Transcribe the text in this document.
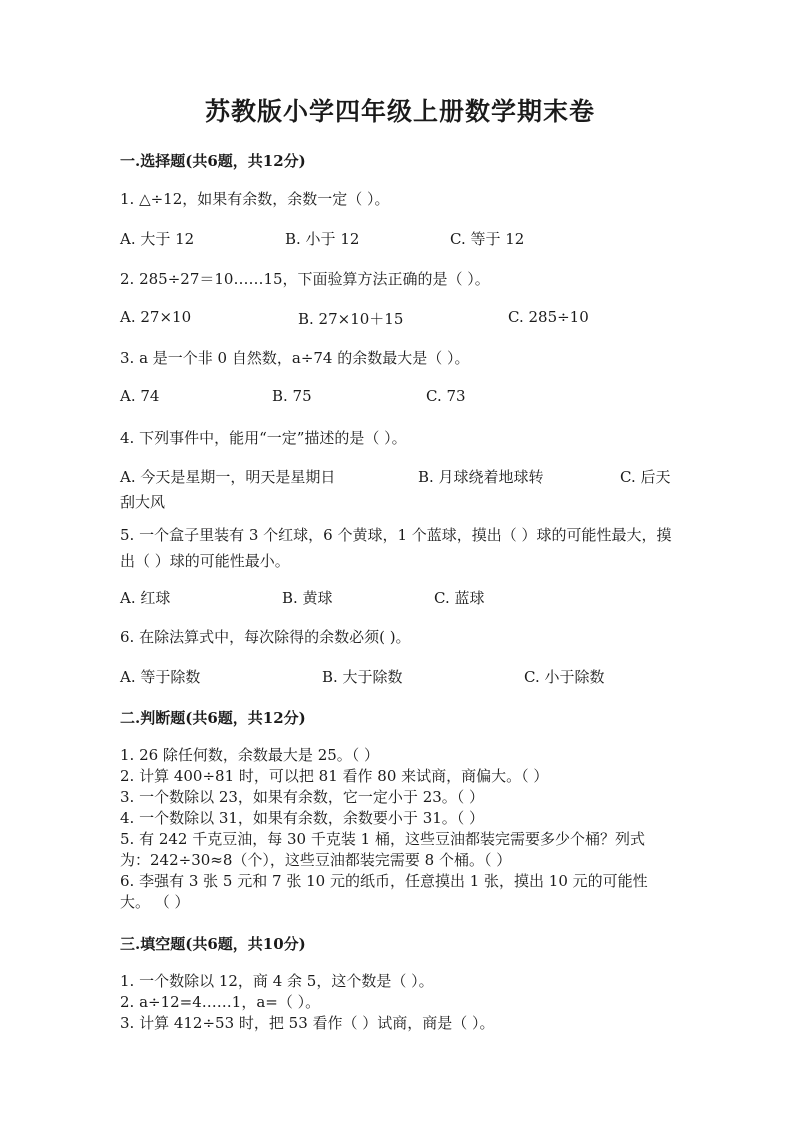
苏教版小学四年级上册数学期末卷
一.选择题(共6题，共12分)
1. △÷12，如果有余数，余数一定（ ）。
A. 大于 12	B. 小于 12	C. 等于 12
2. 285÷27＝10……15，下面验算方法正确的是（ ）。
A. 27×10	B. 27×10＋15	C. 285÷10
3. a 是一个非 0 自然数，a÷74 的余数最大是（ ）。
A. 74	B. 75	C. 73
4. 下列事件中，能用“一定”描述的是（ ）。
A. 今天是星期一，明天是星期日	B. 月球绕着地球转	C. 后天
刮大风
5. 一个盒子里装有 3 个红球，6 个黄球，1 个蓝球，摸出（ ）球的可能性最大，摸出（ ）球的可能性最小。
A. 红球	B. 黄球	C. 蓝球
6. 在除法算式中，每次除得的余数必须( )。
A. 等于除数	B. 大于除数	C. 小于除数
二.判断题(共6题，共12分)
1. 26 除任何数，余数最大是 25。（ ）
2. 计算 400÷81 时，可以把 81 看作 80 来试商，商偏大。（ ）
3. 一个数除以 23，如果有余数，它一定小于 23。（ ）
4. 一个数除以 31，如果有余数，余数要小于 31。（ ）
5. 有 242 千克豆油，每 30 千克装 1 桶，这些豆油都装完需要多少个桶？列式
为：242÷30≈8（个），这些豆油都装完需要 8 个桶。（ ）
6. 李强有 3 张 5 元和 7 张 10 元的纸币，任意摸出 1 张，摸出 10 元的可能性
大。 （ ）
三.填空题(共6题，共10分)
1. 一个数除以 12，商 4 余 5，这个数是（ ）。
2. a÷12=4……1，a=（ ）。
3. 计算 412÷53 时，把 53 看作（ ）试商，商是（ ）。
